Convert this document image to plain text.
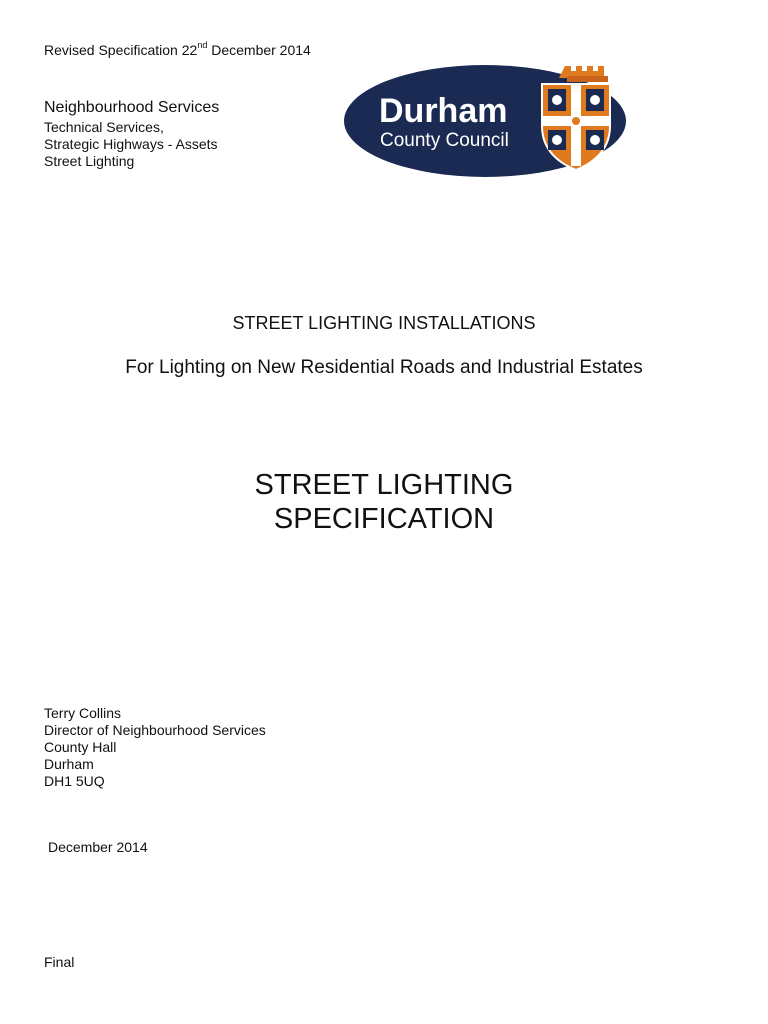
Revised Specification 22nd December 2014
Neighbourhood Services
Technical Services,
Strategic Highways - Assets
Street Lighting
Durham
County Council
STREET LIGHTING INSTALLATIONS
For Lighting on New Residential Roads and Industrial Estates
STREET LIGHTING
SPECIFICATION
Terry Collins
Director of Neighbourhood Services
County Hall
Durham
DH1 5UQ
December 2014
Final
